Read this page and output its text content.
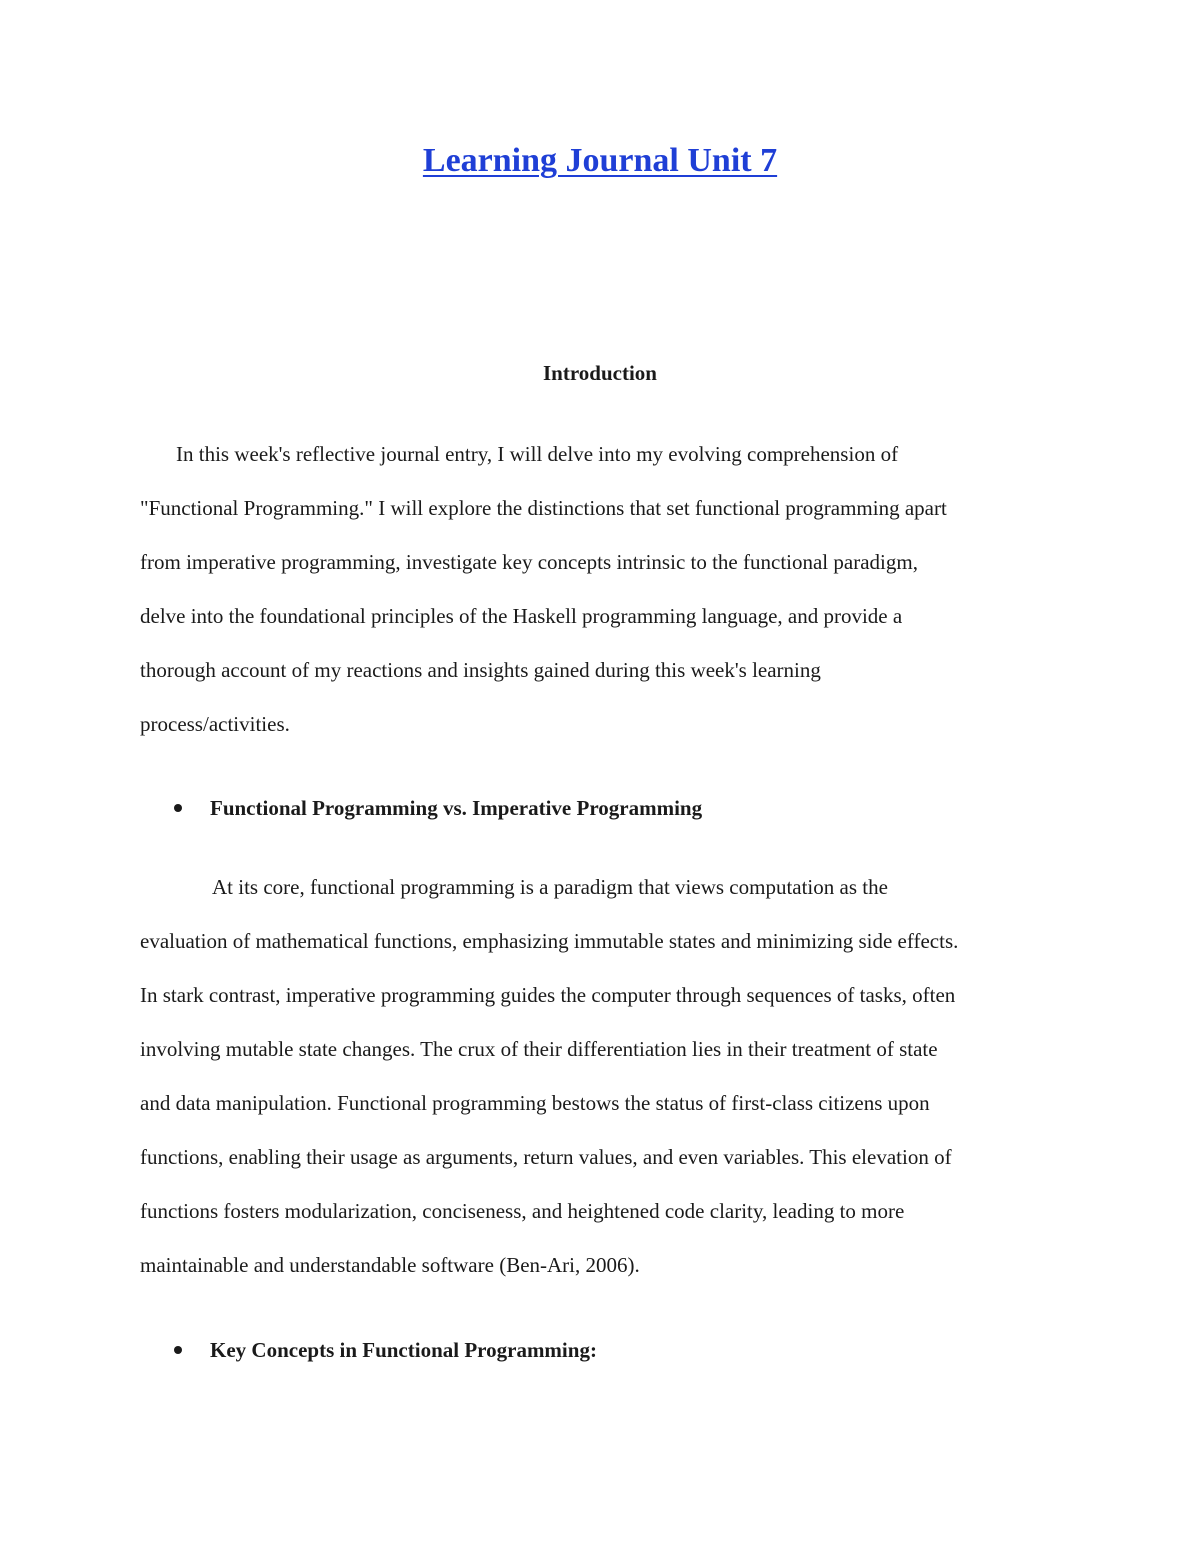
Learning Journal Unit 7
Introduction

In this week's reflective journal entry, I will delve into my evolving comprehension of
"Functional Programming." I will explore the distinctions that set functional programming apart
from imperative programming, investigate key concepts intrinsic to the functional paradigm,
delve into the foundational principles of the Haskell programming language, and provide a
thorough account of my reactions and insights gained during this week's learning
process/activities.

Functional Programming vs. Imperative Programming

At its core, functional programming is a paradigm that views computation as the
evaluation of mathematical functions, emphasizing immutable states and minimizing side effects.
In stark contrast, imperative programming guides the computer through sequences of tasks, often
involving mutable state changes. The crux of their differentiation lies in their treatment of state
and data manipulation. Functional programming bestows the status of first-class citizens upon
functions, enabling their usage as arguments, return values, and even variables. This elevation of
functions fosters modularization, conciseness, and heightened code clarity, leading to more
maintainable and understandable software (Ben-Ari, 2006).

Key Concepts in Functional Programming:
